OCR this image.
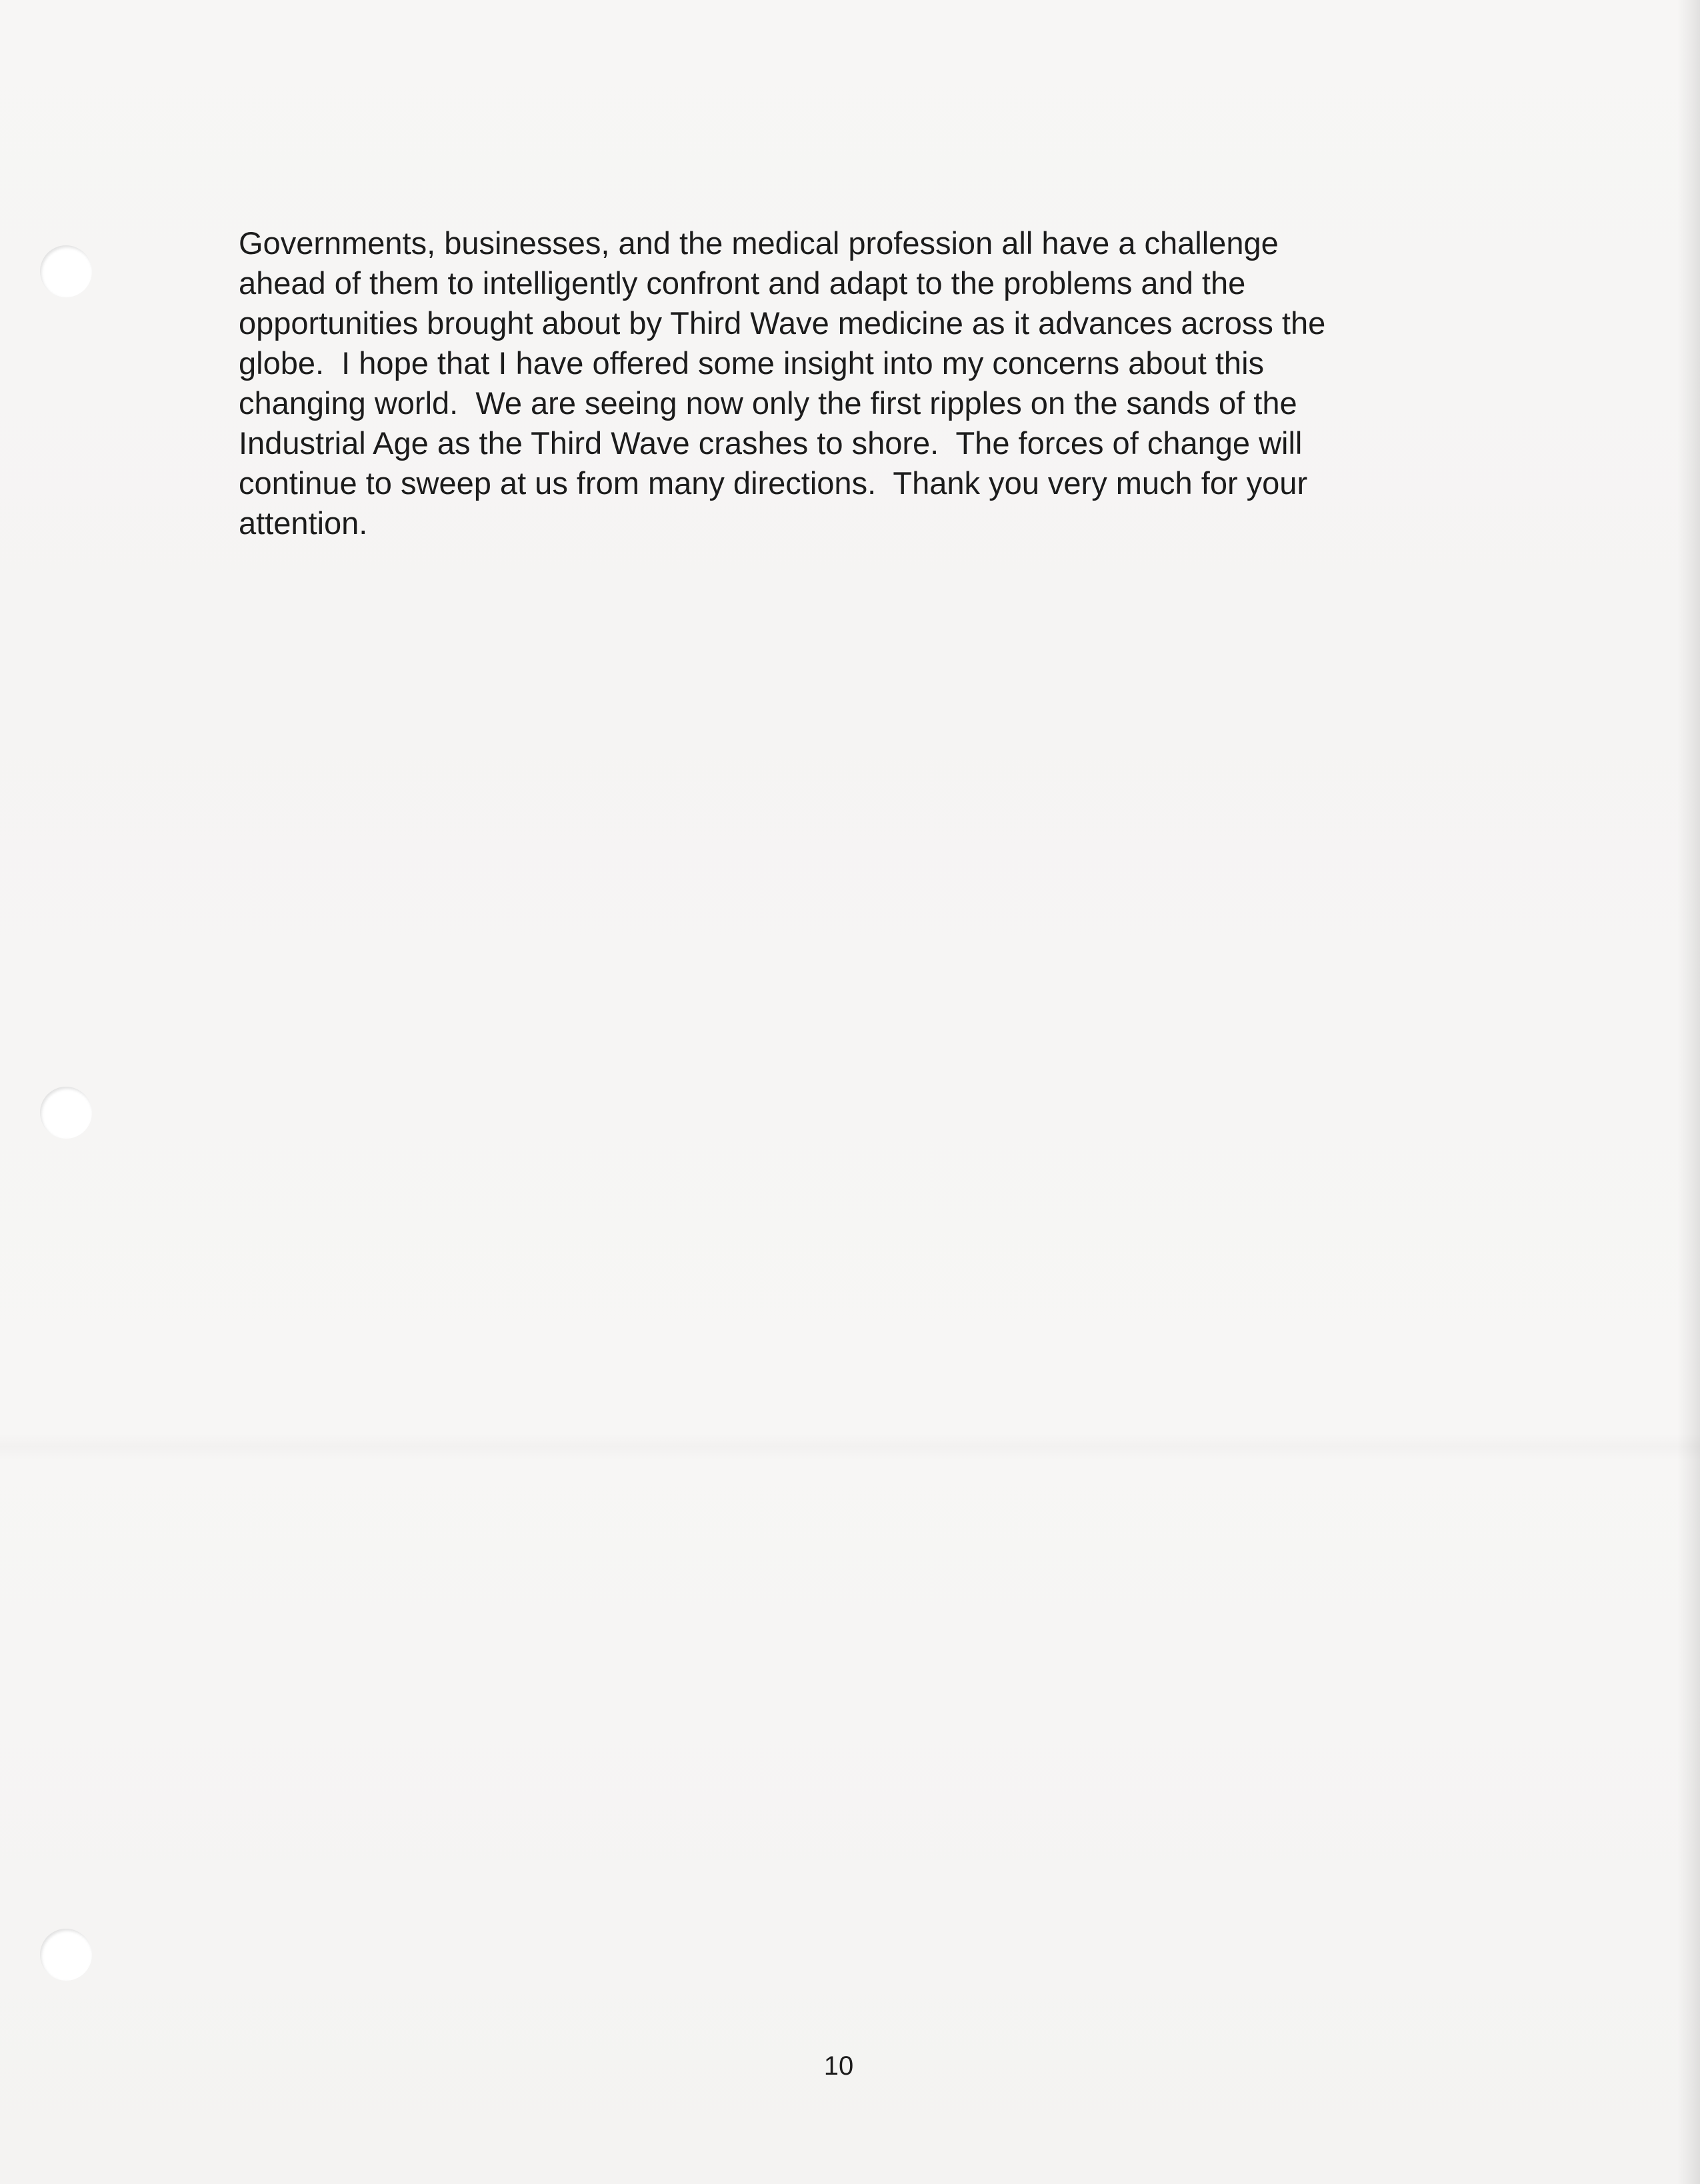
Governments, businesses, and the medical profession all have a challenge
ahead of them to intelligently confront and adapt to the problems and the
opportunities brought about by Third Wave medicine as it advances across the
globe.  I hope that I have offered some insight into my concerns about this
changing world.  We are seeing now only the first ripples on the sands of the
Industrial Age as the Third Wave crashes to shore.  The forces of change will
continue to sweep at us from many directions.  Thank you very much for your
attention.

10
